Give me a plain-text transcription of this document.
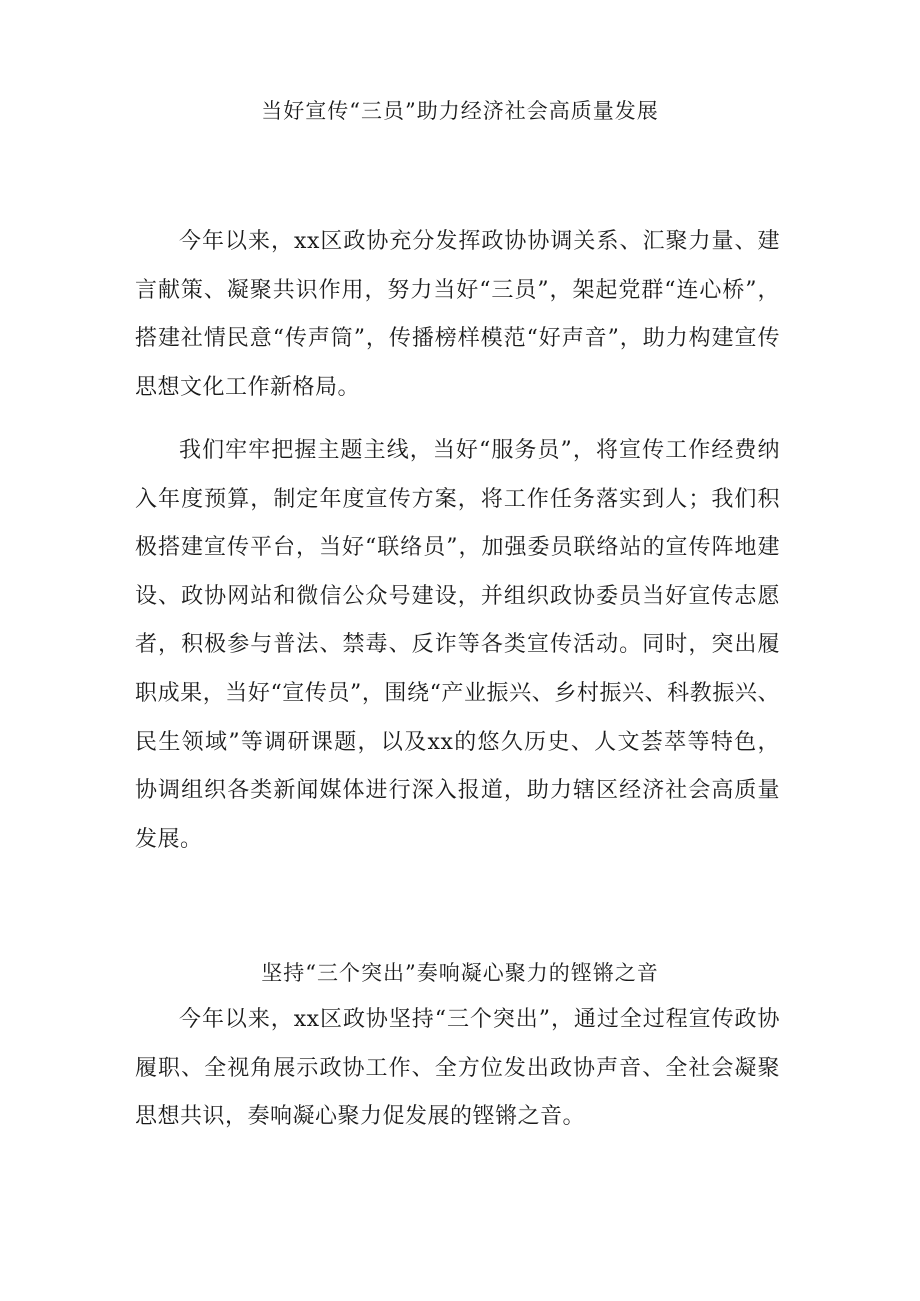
当好宣传“三员”助力经济社会高质量发展

今年以来，xx区政协充分发挥政协协调关系、汇聚力量、建言献策、凝聚共识作用，努力当好“三员”，架起党群“连心桥”，搭建社情民意“传声筒”，传播榜样模范“好声音”，助力构建宣传思想文化工作新格局。

我们牢牢把握主题主线，当好“服务员”，将宣传工作经费纳入年度预算，制定年度宣传方案，将工作任务落实到人；我们积极搭建宣传平台，当好“联络员”，加强委员联络站的宣传阵地建设、政协网站和微信公众号建设，并组织政协委员当好宣传志愿者，积极参与普法、禁毒、反诈等各类宣传活动。同时，突出履职成果，当好“宣传员”，围绕“产业振兴、乡村振兴、科教振兴、民生领域”等调研课题，以及xx的悠久历史、人文荟萃等特色，协调组织各类新闻媒体进行深入报道，助力辖区经济社会高质量发展。

坚持“三个突出”奏响凝心聚力的铿锵之音

今年以来，xx区政协坚持“三个突出”，通过全过程宣传政协履职、全视角展示政协工作、全方位发出政协声音、全社会凝聚思想共识，奏响凝心聚力促发展的铿锵之音。
